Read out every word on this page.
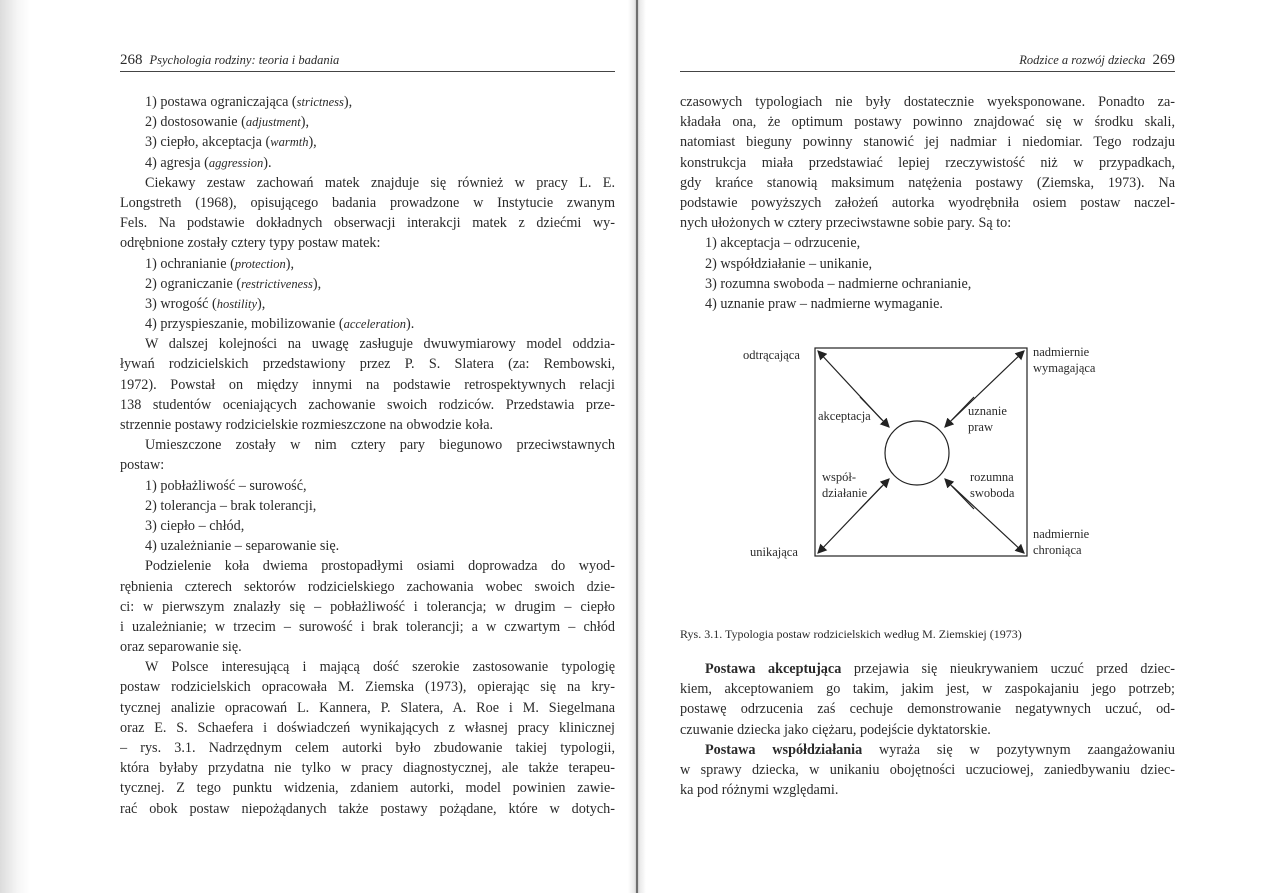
268 Psychologia rodziny: teoria i badania
1) postawa ograniczająca (strictness),
2) dostosowanie (adjustment),
3) ciepło, akceptacja (warmth),
4) agresja (aggression).
Ciekawy zestaw zachowań matek znajduje się również w pracy L. E.
Longstreth (1968), opisującego badania prowadzone w Instytucie zwanym
Fels. Na podstawie dokładnych obserwacji interakcji matek z dziećmi wy-
odrębnione zostały cztery typy postaw matek:
1) ochranianie (protection),
2) ograniczanie (restrictiveness),
3) wrogość (hostility),
4) przyspieszanie, mobilizowanie (acceleration).
W dalszej kolejności na uwagę zasługuje dwuwymiarowy model oddzia-
ływań rodzicielskich przedstawiony przez P. S. Slatera (za: Rembowski,
1972). Powstał on między innymi na podstawie retrospektywnych relacji
138 studentów oceniających zachowanie swoich rodziców. Przedstawia prze-
strzennie postawy rodzicielskie rozmieszczone na obwodzie koła.
Umieszczone zostały w nim cztery pary biegunowo przeciwstawnych
postaw:
1) pobłażliwość – surowość,
2) tolerancja – brak tolerancji,
3) ciepło – chłód,
4) uzależnianie – separowanie się.
Podzielenie koła dwiema prostopadłymi osiami doprowadza do wyod-
rębnienia czterech sektorów rodzicielskiego zachowania wobec swoich dzie-
ci: w pierwszym znalazły się – pobłażliwość i tolerancja; w drugim – ciepło
i uzależnianie; w trzecim – surowość i brak tolerancji; a w czwartym – chłód
oraz separowanie się.
W Polsce interesującą i mającą dość szerokie zastosowanie typologię
postaw rodzicielskich opracowała M. Ziemska (1973), opierając się na kry-
tycznej analizie opracowań L. Kannera, P. Slatera, A. Roe i M. Siegelmana
oraz E. S. Schaefera i doświadczeń wynikających z własnej pracy klinicznej
– rys. 3.1. Nadrzędnym celem autorki było zbudowanie takiej typologii,
która byłaby przydatna nie tylko w pracy diagnostycznej, ale także terapeu-
tycznej. Z tego punktu widzenia, zdaniem autorki, model powinien zawie-
rać obok postaw niepożądanych także postawy pożądane, które w dotych-
Rodzice a rozwój dziecka 269
czasowych typologiach nie były dostatecznie wyeksponowane. Ponadto za-
kładała ona, że optimum postawy powinno znajdować się w środku skali,
natomiast bieguny powinny stanowić jej nadmiar i niedomiar. Tego rodzaju
konstrukcja miała przedstawiać lepiej rzeczywistość niż w przypadkach,
gdy krańce stanowią maksimum natężenia postawy (Ziemska, 1973). Na
podstawie powyższych założeń autorka wyodrębniła osiem postaw naczel-
nych ułożonych w cztery przeciwstawne sobie pary. Są to:
1) akceptacja – odrzucenie,
2) współdziałanie – unikanie,
3) rozumna swoboda – nadmierne ochranianie,
4) uznanie praw – nadmierne wymaganie.
odtrącająca	nadmiernie
wymagająca
unikająca
nadmiernie
chroniąca
akceptacja	uznanie
praw
współ-
działanie
rozumna
swoboda
Rys. 3.1. Typologia postaw rodzicielskich według M. Ziemskiej (1973)
Postawa akceptująca przejawia się nieukrywaniem uczuć przed dziec-
kiem, akceptowaniem go takim, jakim jest, w zaspokajaniu jego potrzeb;
postawę odrzucenia zaś cechuje demonstrowanie negatywnych uczuć, od-
czuwanie dziecka jako ciężaru, podejście dyktatorskie.
Postawa współdziałania wyraża się w pozytywnym zaangażowaniu
w sprawy dziecka, w unikaniu obojętności uczuciowej, zaniedbywaniu dziec-
ka pod różnymi względami.
